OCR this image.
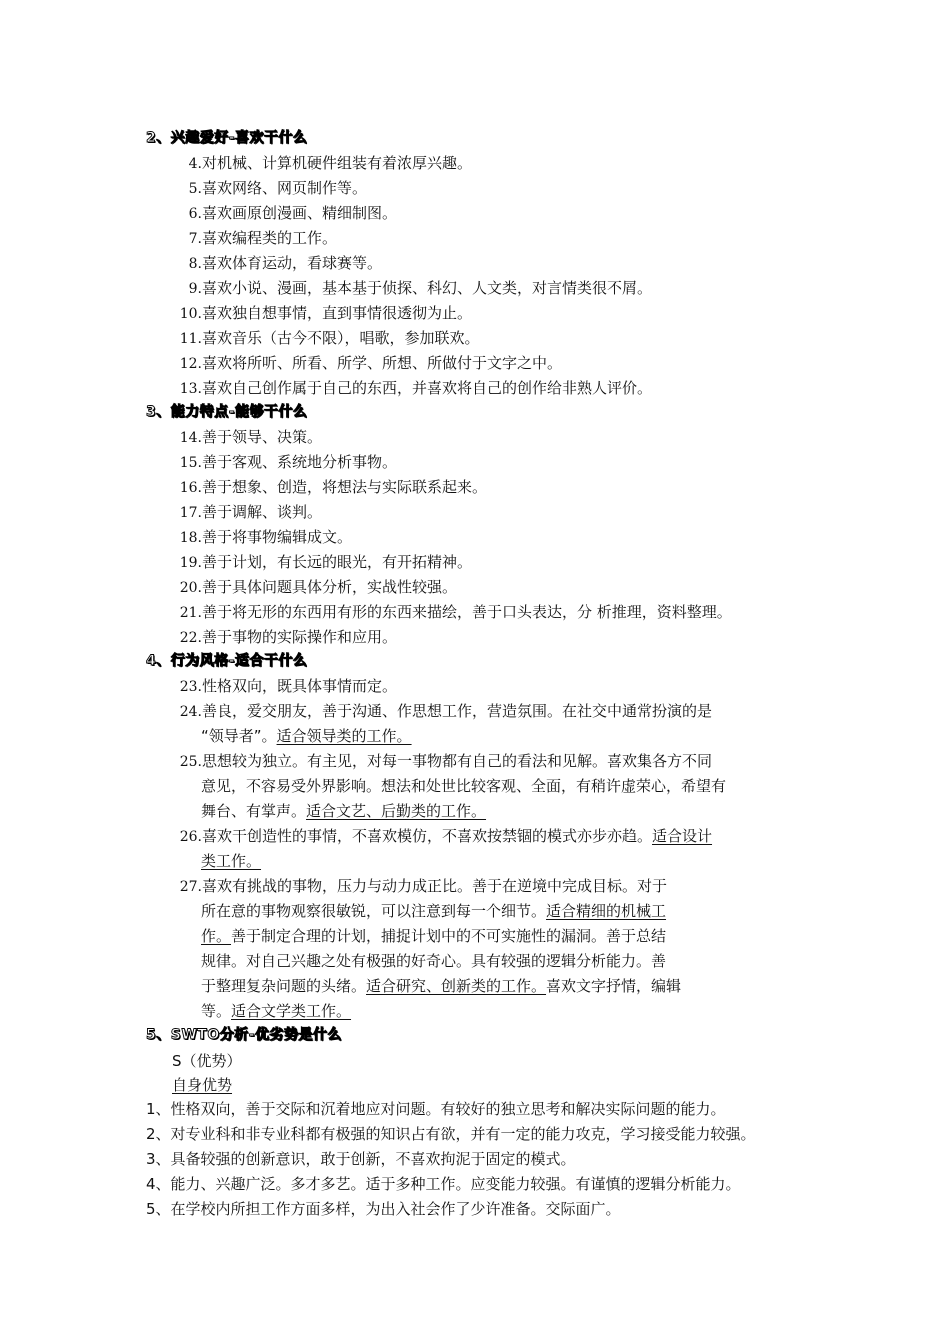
2、兴趣爱好-喜欢干什么
4.对机械、计算机硬件组装有着浓厚兴趣。
5.喜欢网络、网页制作等。
6.喜欢画原创漫画、精细制图。
7.喜欢编程类的工作。
8.喜欢体育运动，看球赛等。
9.喜欢小说、漫画，基本基于侦探、科幻、人文类，对言情类很不屑。
10.喜欢独自想事情，直到事情很透彻为止。
11.喜欢音乐（古今不限），唱歌，参加联欢。
12.喜欢将所听、所看、所学、所想、所做付于文字之中。
13.喜欢自己创作属于自己的东西，并喜欢将自己的创作给非熟人评价。
3、能力特点-能够干什么
14.善于领导、决策。
15.善于客观、系统地分析事物。
16.善于想象、创造，将想法与实际联系起来。
17.善于调解、谈判。
18.善于将事物编辑成文。
19.善于计划，有长远的眼光，有开拓精神。
20.善于具体问题具体分析，实战性较强。
21.善于将无形的东西用有形的东西来描绘，善于口头表达，分 析推理，资料整理。
22.善于事物的实际操作和应用。
4、行为风格-适合干什么
23.性格双向，既具体事情而定。
24.善良，爱交朋友，善于沟通、作思想工作，营造氛围。在社交中通常扮演的是
“领导者”。适合领导类的工作。
25.思想较为独立。有主见，对每一事物都有自己的看法和见解。喜欢集各方不同
意见，不容易受外界影响。想法和处世比较客观、全面，有稍许虚荣心，希望有
舞台、有掌声。适合文艺、后勤类的工作。
26.喜欢干创造性的事情，不喜欢模仿，不喜欢按禁锢的模式亦步亦趋。适合设计
类工作。
27.喜欢有挑战的事物，压力与动力成正比。善于在逆境中完成目标。对于
所在意的事物观察很敏锐，可以注意到每一个细节。适合精细的机械工
作。善于制定合理的计划，捕捉计划中的不可实施性的漏洞。善于总结
规律。对自己兴趣之处有极强的好奇心。具有较强的逻辑分析能力。善
于整理复杂问题的头绪。适合研究、创新类的工作。喜欢文字抒情，编辑
等。适合文学类工作。
5、SWTO分析-优劣势是什么
S（优势）
自身优势
1、性格双向，善于交际和沉着地应对问题。有较好的独立思考和解决实际问题的能力。
2、对专业科和非专业科都有极强的知识占有欲，并有一定的能力攻克，学习接受能力较强。
3、具备较强的创新意识，敢于创新，不喜欢拘泥于固定的模式。
4、能力、兴趣广泛。多才多艺。适于多种工作。应变能力较强。有谨慎的逻辑分析能力。
5、在学校内所担工作方面多样，为出入社会作了少许准备。交际面广。
